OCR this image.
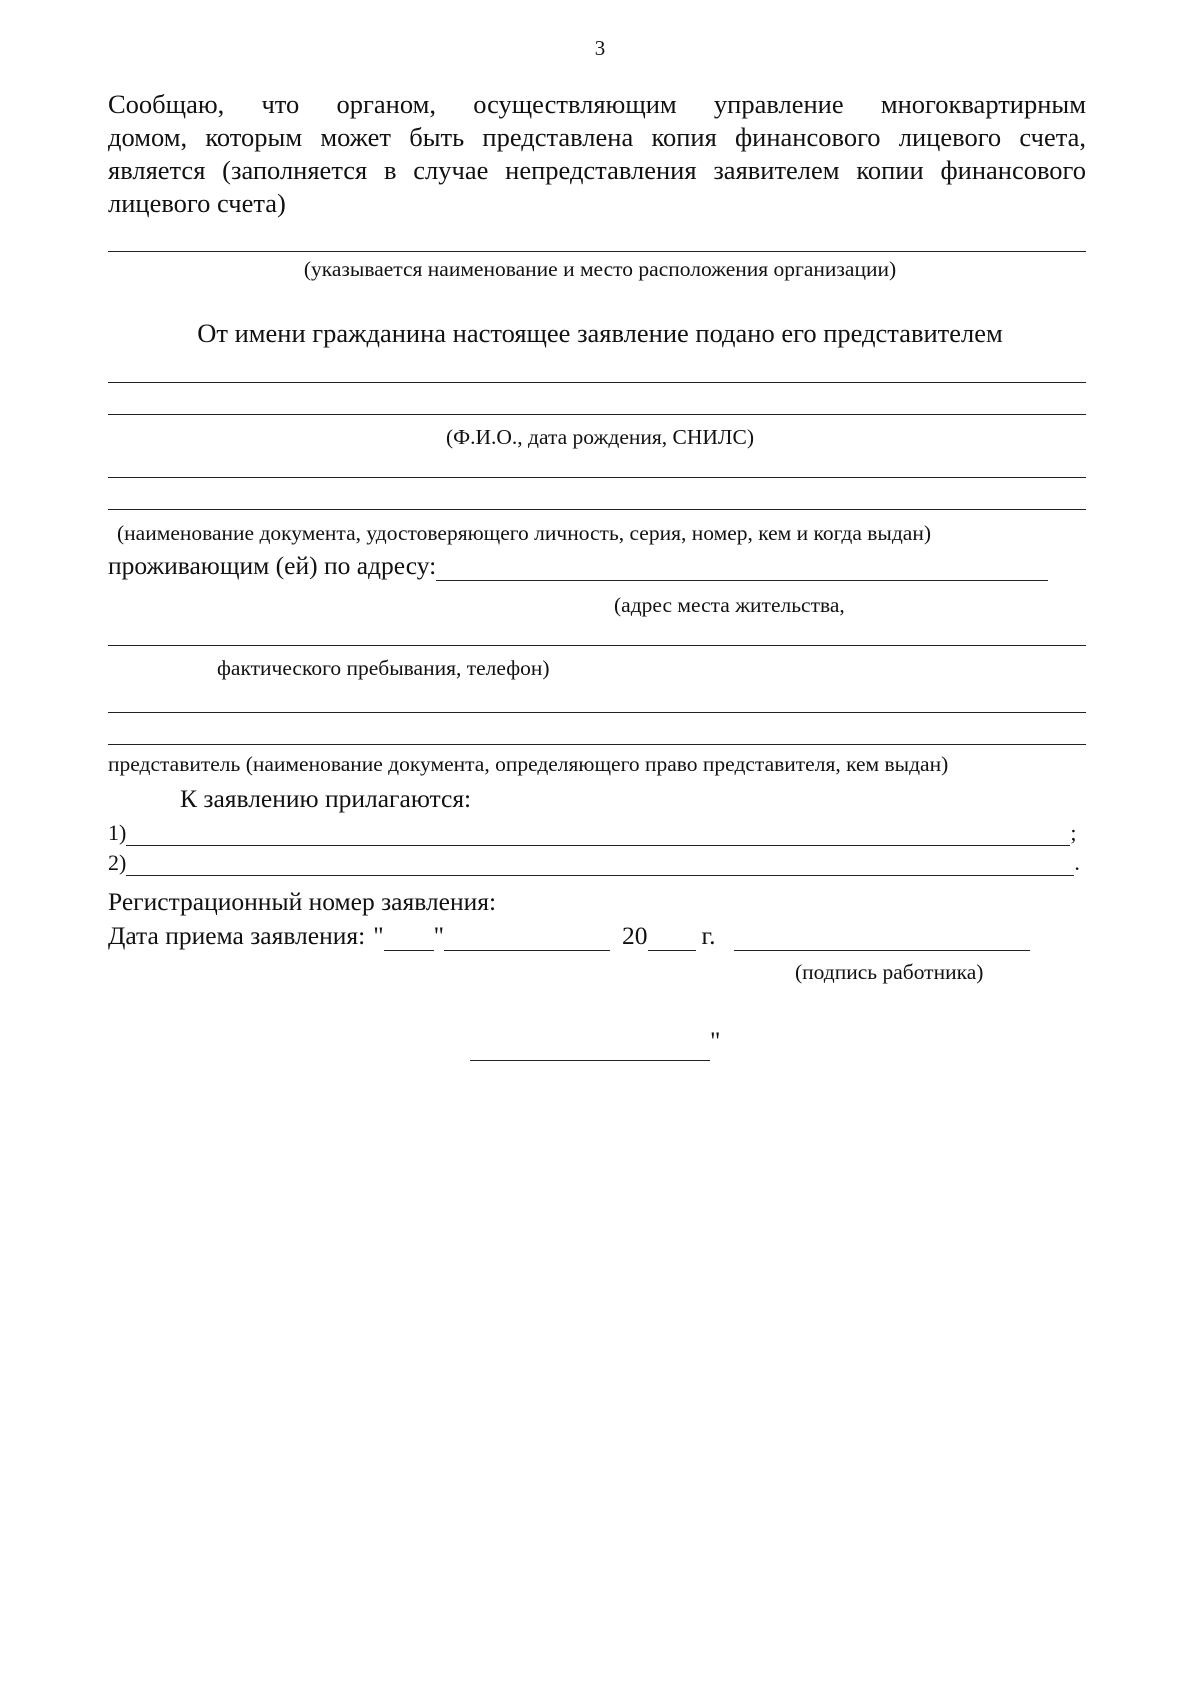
3
Сообщаю, что органом, осуществляющим управление многоквартирным
домом, которым может быть представлена копия финансового лицевого счета,
является (заполняется в случае непредставления заявителем копии финансового
лицевого счета)
(указывается наименование и место расположения организации)
От имени гражданина настоящее заявление подано его представителем
(Ф.И.О., дата рождения, СНИЛС)
(наименование документа, удостоверяющего личность, серия, номер, кем и когда выдан)
проживающим (ей) по адресу:
(адрес места жительства,
фактического пребывания, телефон)
представитель (наименование документа, определяющего право представителя, кем выдан)
К заявлению прилагаются:
1)	;
2)	.
Регистрационный номер заявления:
Дата приема заявления: " "	20 г.
(подпись работника)
"
